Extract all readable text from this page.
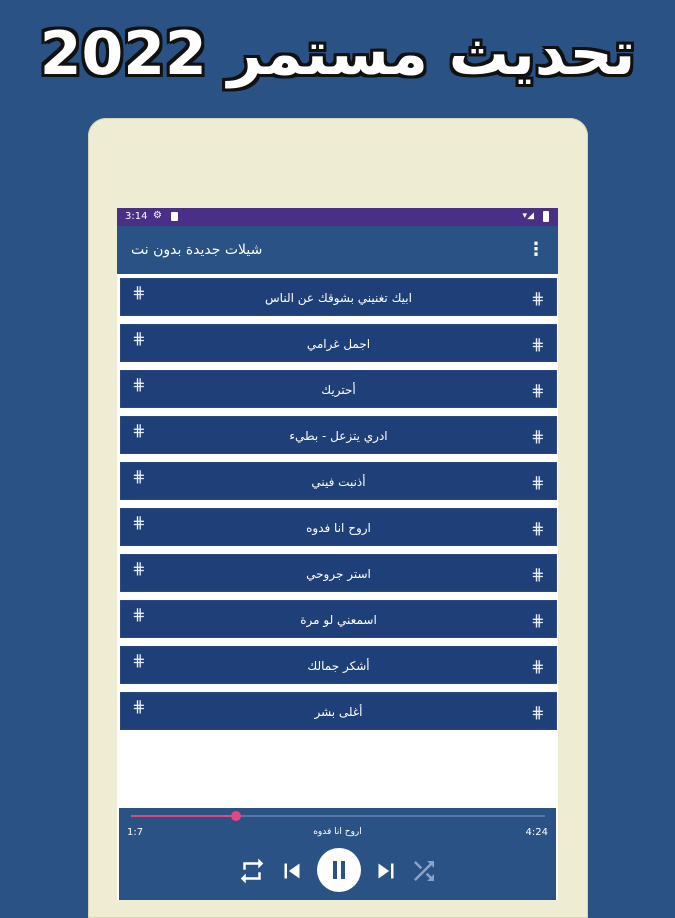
تحديث مستمر 2022
3:14 ⚙	▾◢
شيلات جديدة بدون نت	⋮
⋕	ابيك تغنيني بشوقك عن الناس	⋕
⋕	اجمل غرامي	⋕
⋕	أحتريك	⋕
⋕	ادري يتزعل - بطيء	⋕
⋕	أذنبت فيني	⋕
⋕	اروح انا فدوه	⋕
⋕	استر جروحي	⋕
⋕	اسمعني لو مرة	⋕
⋕	أشكر جمالك	⋕
⋕	أغلى بشر	⋕
1:7	اروح انا فدوه	4:24
